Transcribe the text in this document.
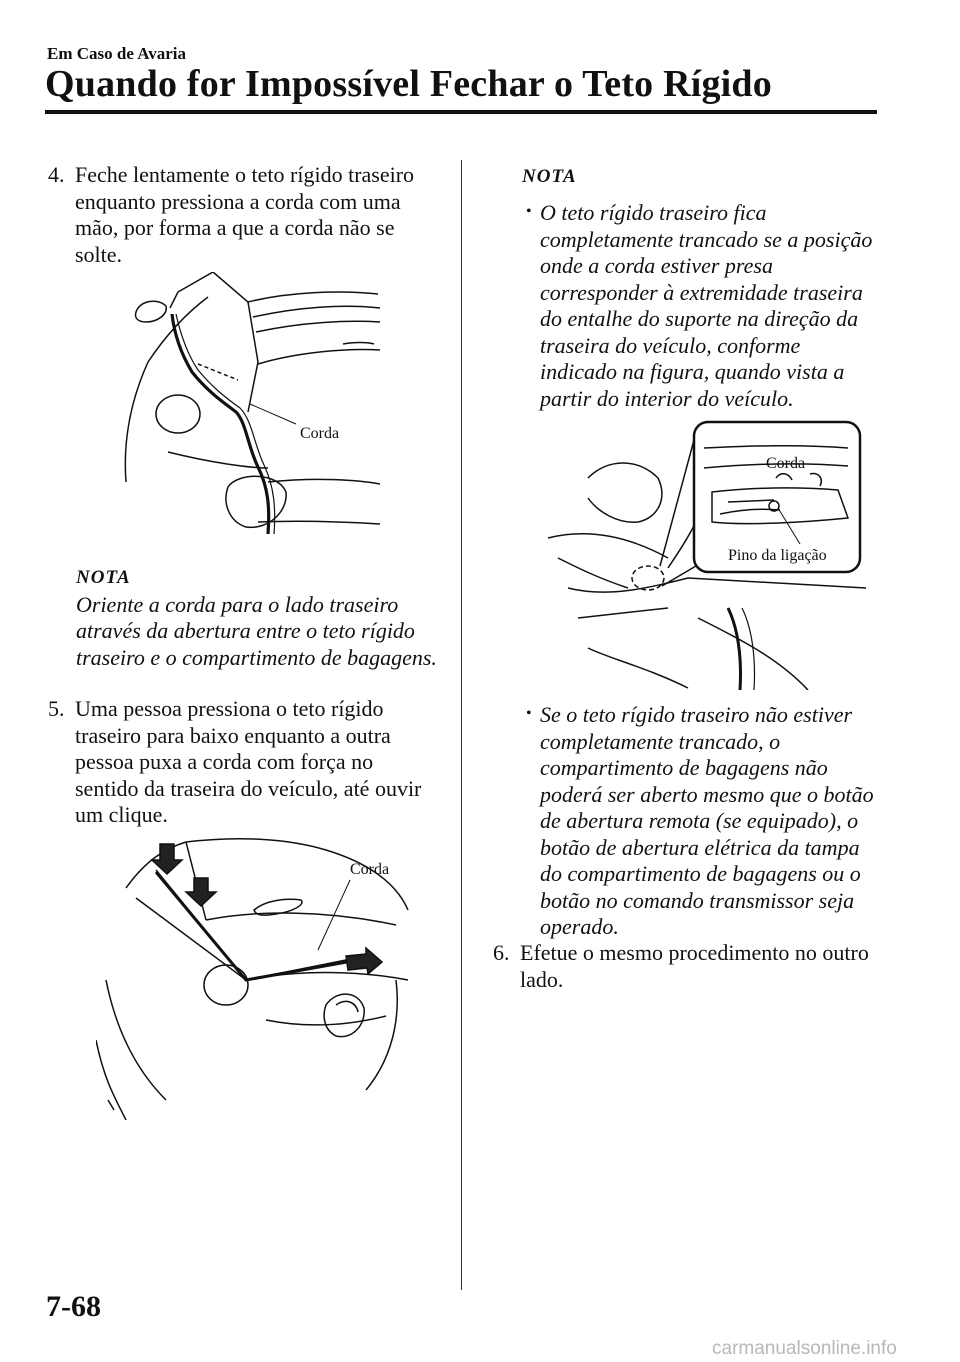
Em Caso de Avaria
Quando for Impossível Fechar o Teto Rígido
4. Feche lentamente o teto rígido traseiro enquanto pressiona a corda com uma mão, por forma a que a corda não se solte.
Corda
NOTA
Oriente a corda para o lado traseiro através da abertura entre o teto rígido traseiro e o compartimento de bagagens.
5. Uma pessoa pressiona o teto rígido traseiro para baixo enquanto a outra pessoa puxa a corda com força no sentido da traseira do veículo, até ouvir um clique.
Corda
NOTA
• O teto rígido traseiro fica completamente trancado se a posição onde a corda estiver presa corresponder à extremidade traseira do entalhe do suporte na direção da traseira do veículo, conforme indicado na figura, quando vista a partir do interior do veículo.
Corda
Pino da ligação
• Se o teto rígido traseiro não estiver completamente trancado, o compartimento de bagagens não poderá ser aberto mesmo que o botão de abertura remota (se equipado), o botão de abertura elétrica da tampa do compartimento de bagagens ou o botão no comando transmissor seja operado.
6. Efetue o mesmo procedimento no outro lado.
7-68
carmanualsonline.info
